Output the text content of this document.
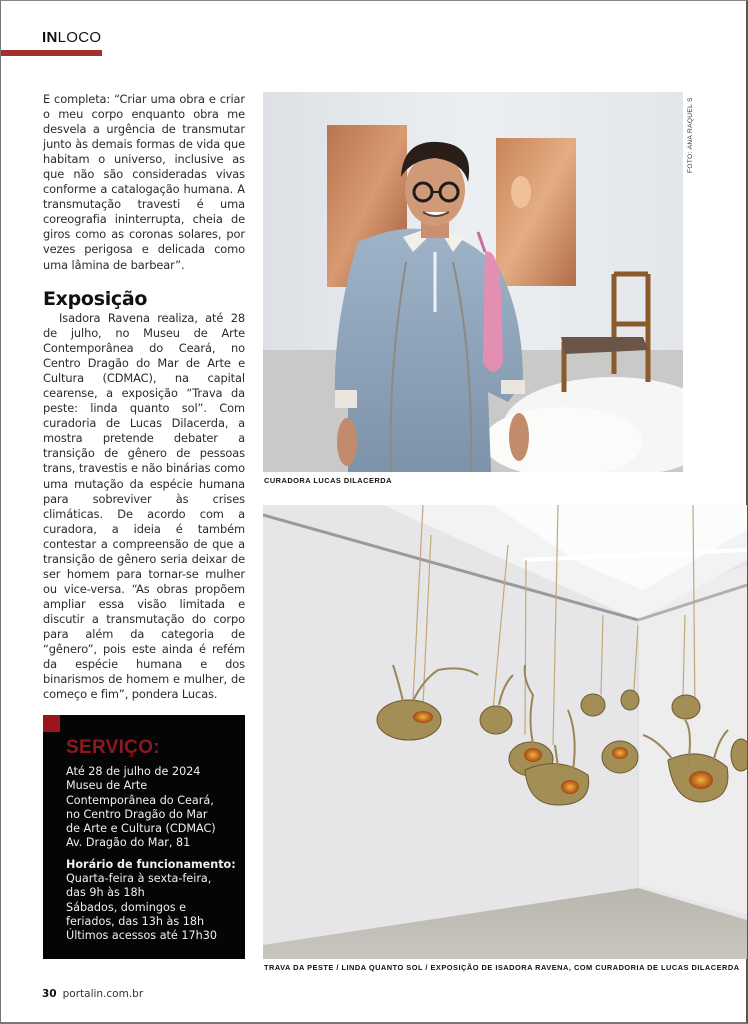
INLOCO

E completa: “Criar uma obra e criar o meu corpo enquanto obra me desvela a urgência de transmutar junto às demais formas de vida que habitam o universo, inclusive as que não são consideradas vivas conforme a catalogação humana. A transmutação travesti é uma coreografia ininterrupta, cheia de giros como as coronas solares, por vezes perigosa e delicada como uma lâmina de barbear”.

Exposição

Isadora Ravena realiza, até 28 de julho, no Museu de Arte Contemporânea do Ceará, no Centro Dragão do Mar de Arte e Cultura (CDMAC), na capital cearense, a exposição “Trava da peste: linda quanto sol”. Com curadoria de Lucas Dilacerda, a mostra pretende debater a transição de gênero de pessoas trans, travestis e não binárias como uma mutação da espécie humana para sobreviver às crises climáticas. De acordo com a curadora, a ideia é também contestar a compreensão de que a transição de gênero seria deixar de ser homem para tornar-se mulher ou vice-versa. “As obras propõem ampliar essa visão limitada e discutir a transmutação do corpo para além da categoria de “gênero”, pois este ainda é refém da espécie humana e dos binarismos de homem e mulher, de começo e fim”, pondera Lucas.

SERVIÇO:
Até 28 de julho de 2024
Museu de Arte
Contemporânea do Ceará,
no Centro Dragão do Mar
de Arte e Cultura (CDMAC)
Av. Dragão do Mar, 81
Horário de funcionamento:
Quarta-feira à sexta-feira,
das 9h às 18h
Sábados, domingos e
feriados, das 13h às 18h
Últimos acessos até 17h30
FOTO: ANA RAQUEL S
CURADORA LUCAS DILACERDA
TRAVA DA PESTE / LINDA QUANTO SOL / EXPOSIÇÃO DE ISADORA RAVENA, COM CURADORIA DE LUCAS DILACERDA
30 portalin.com.br
